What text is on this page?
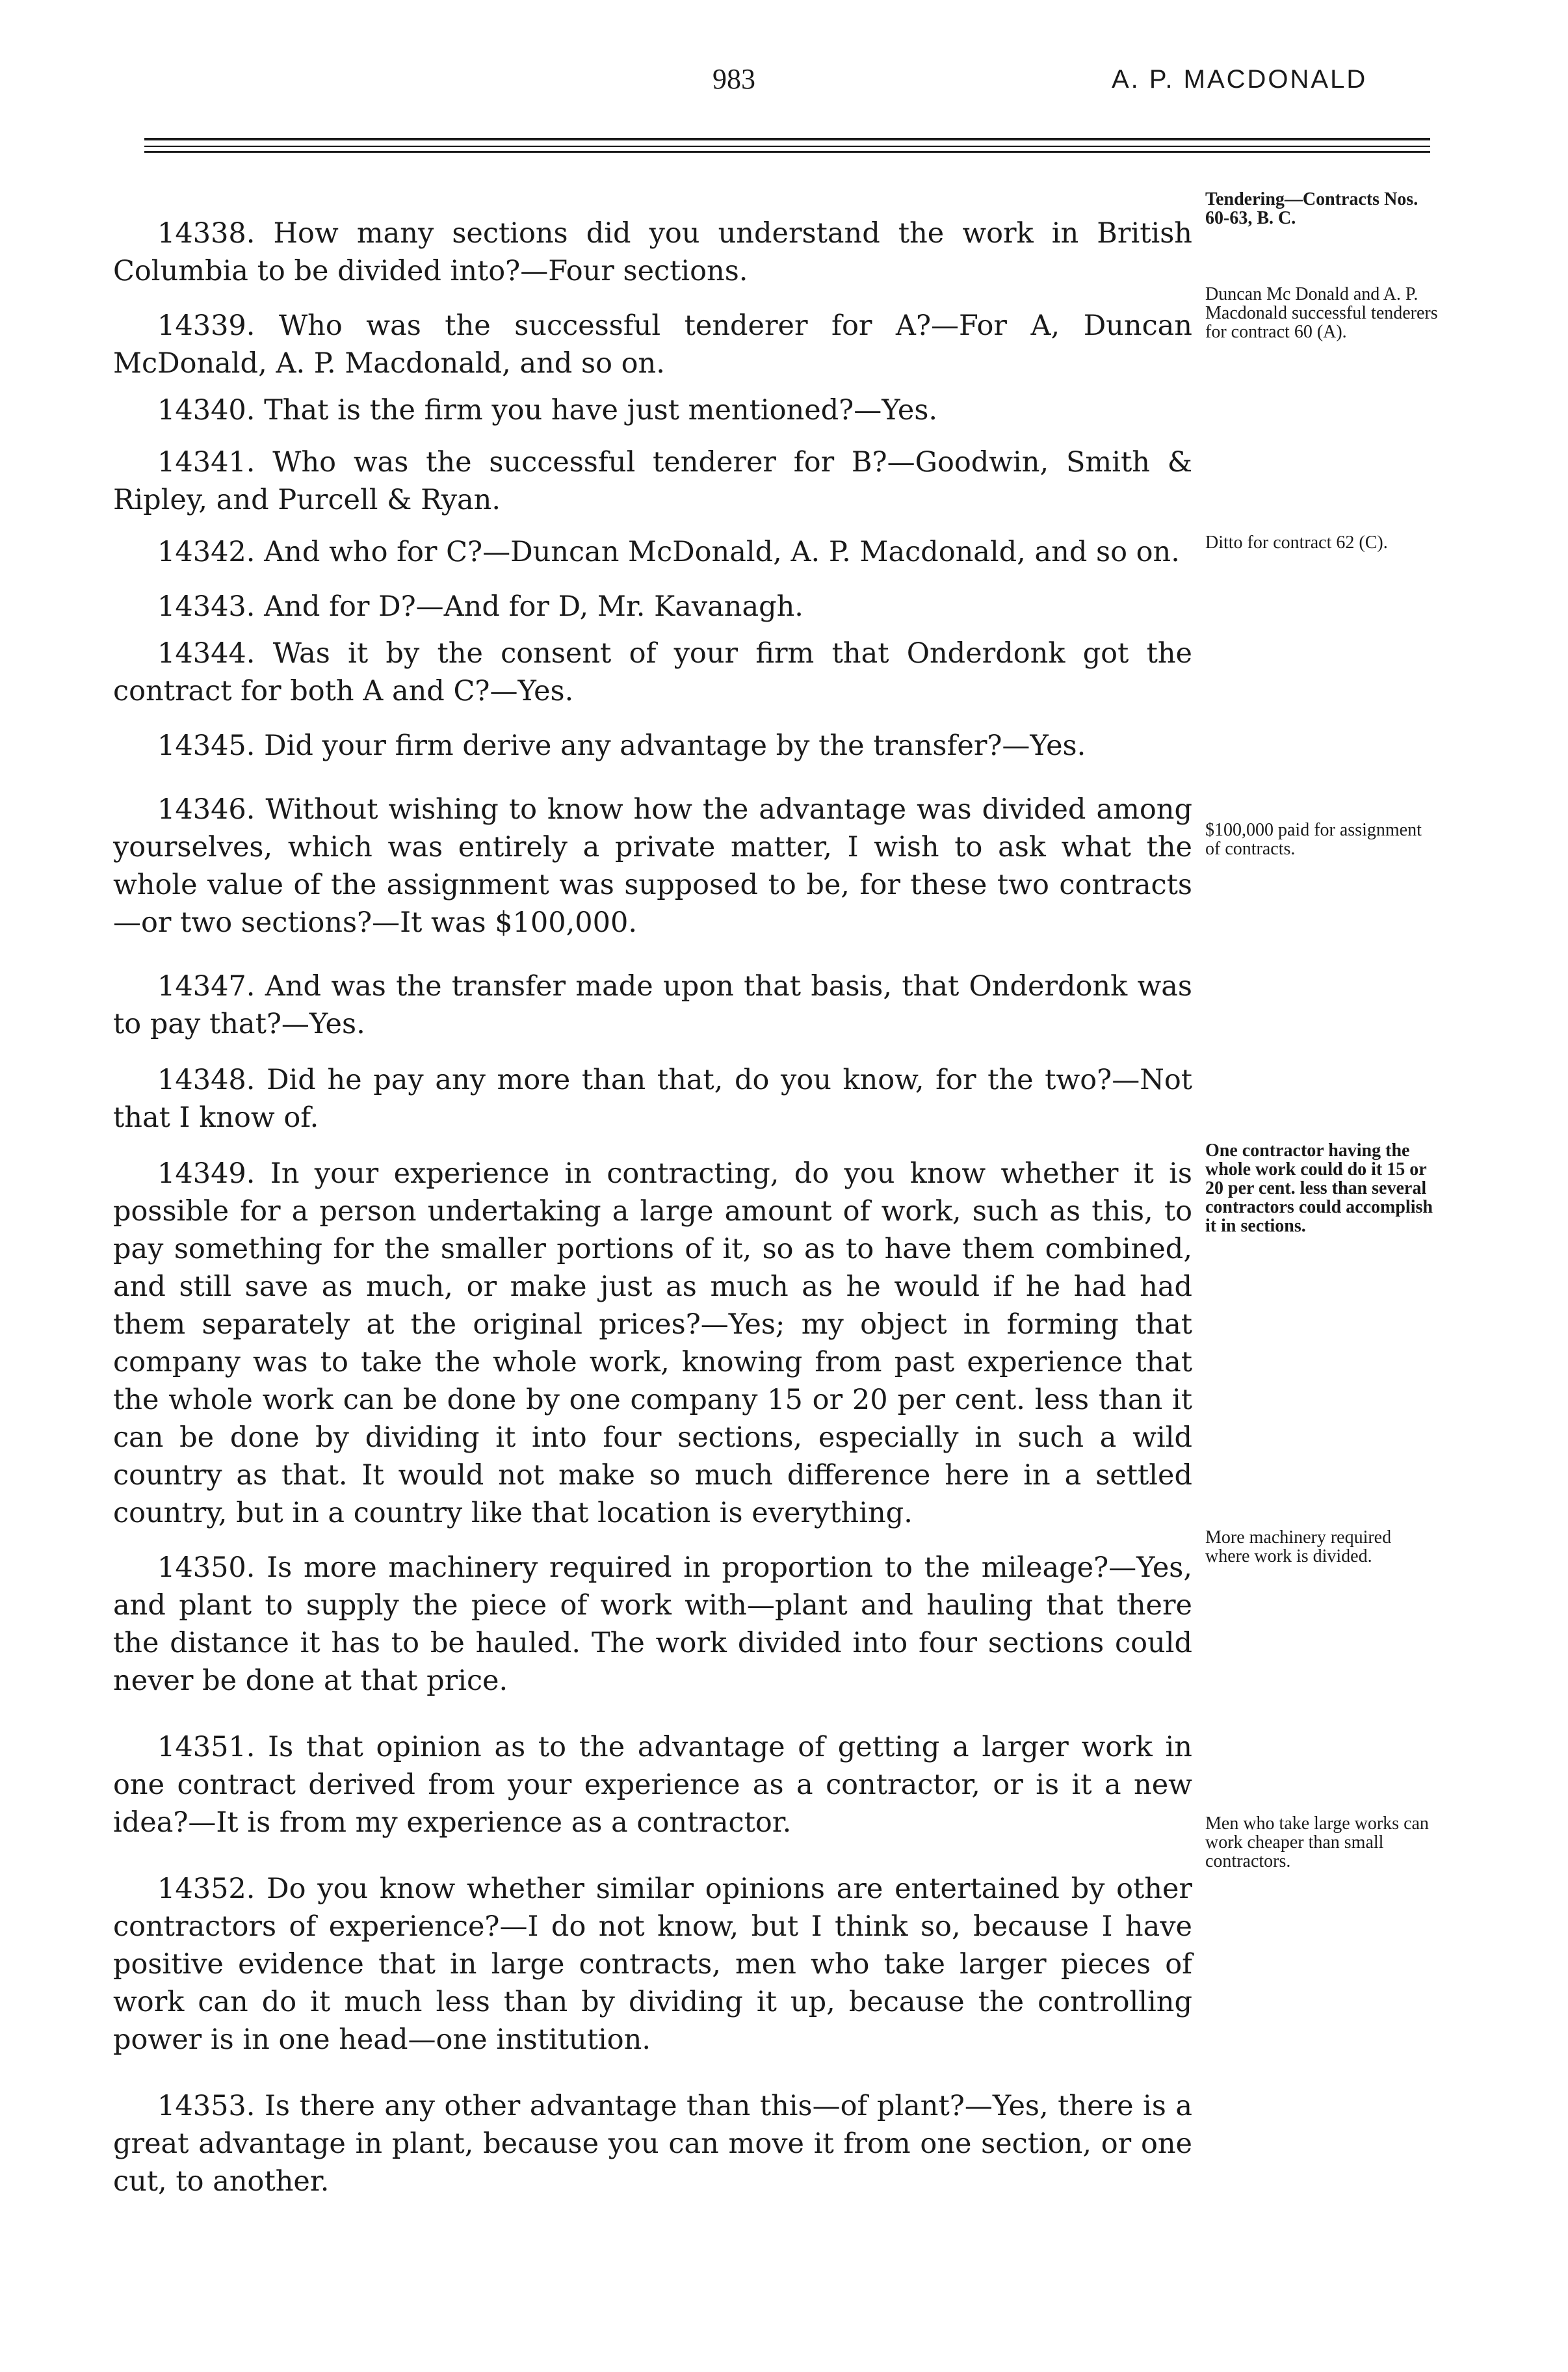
983	A. P. MACDONALD
Tendering—Contracts Nos. 60-63, B. C.
Duncan Mc Donald and A. P. Macdonald successful tenderers for contract 60 (A).
Ditto for contract 62 (C).
$100,000 paid for assignment of contracts.
One contractor having the whole work could do it 15 or 20 per cent. less than several contractors could accomplish it in sections.
More machinery required where work is divided.
Men who take large works can work cheaper than small contractors.

14338. How many sections did you understand the work in British Columbia to be divided into?—Four sections.

14339. Who was the successful tenderer for A?—For A, Duncan McDonald, A. P. Macdonald, and so on.

14340. That is the firm you have just mentioned?—Yes.

14341. Who was the successful tenderer for B?—Goodwin, Smith & Ripley, and Purcell & Ryan.

14342. And who for C?—Duncan McDonald, A. P. Macdonald, and so on.

14343. And for D?—And for D, Mr. Kavanagh.

14344. Was it by the consent of your firm that Onderdonk got the contract for both A and C?—Yes.

14345. Did your firm derive any advantage by the transfer?—Yes.

14346. Without wishing to know how the advantage was divided among yourselves, which was entirely a private matter, I wish to ask what the whole value of the assignment was supposed to be, for these two contracts—or two sections?—It was $100,000.

14347. And was the transfer made upon that basis, that Onderdonk was to pay that?—Yes.

14348. Did he pay any more than that, do you know, for the two?—Not that I know of.

14349. In your experience in contracting, do you know whether it is possible for a person undertaking a large amount of work, such as this, to pay something for the smaller portions of it, so as to have them combined, and still save as much, or make just as much as he would if he had had them separately at the original prices?—Yes; my object in forming that company was to take the whole work, knowing from past experience that the whole work can be done by one company 15 or 20 per cent. less than it can be done by dividing it into four sections, especially in such a wild country as that. It would not make so much difference here in a settled country, but in a country like that location is everything.

14350. Is more machinery required in proportion to the mileage?—Yes, and plant to supply the piece of work with—plant and hauling that there the distance it has to be hauled. The work divided into four sections could never be done at that price.

14351. Is that opinion as to the advantage of getting a larger work in one contract derived from your experience as a contractor, or is it a new idea?—It is from my experience as a contractor.

14352. Do you know whether similar opinions are entertained by other contractors of experience?—I do not know, but I think so, because I have positive evidence that in large contracts, men who take larger pieces of work can do it much less than by dividing it up, because the controlling power is in one head—one institution.

14353. Is there any other advantage than this—of plant?—Yes, there is a great advantage in plant, because you can move it from one section, or one cut, to another.
